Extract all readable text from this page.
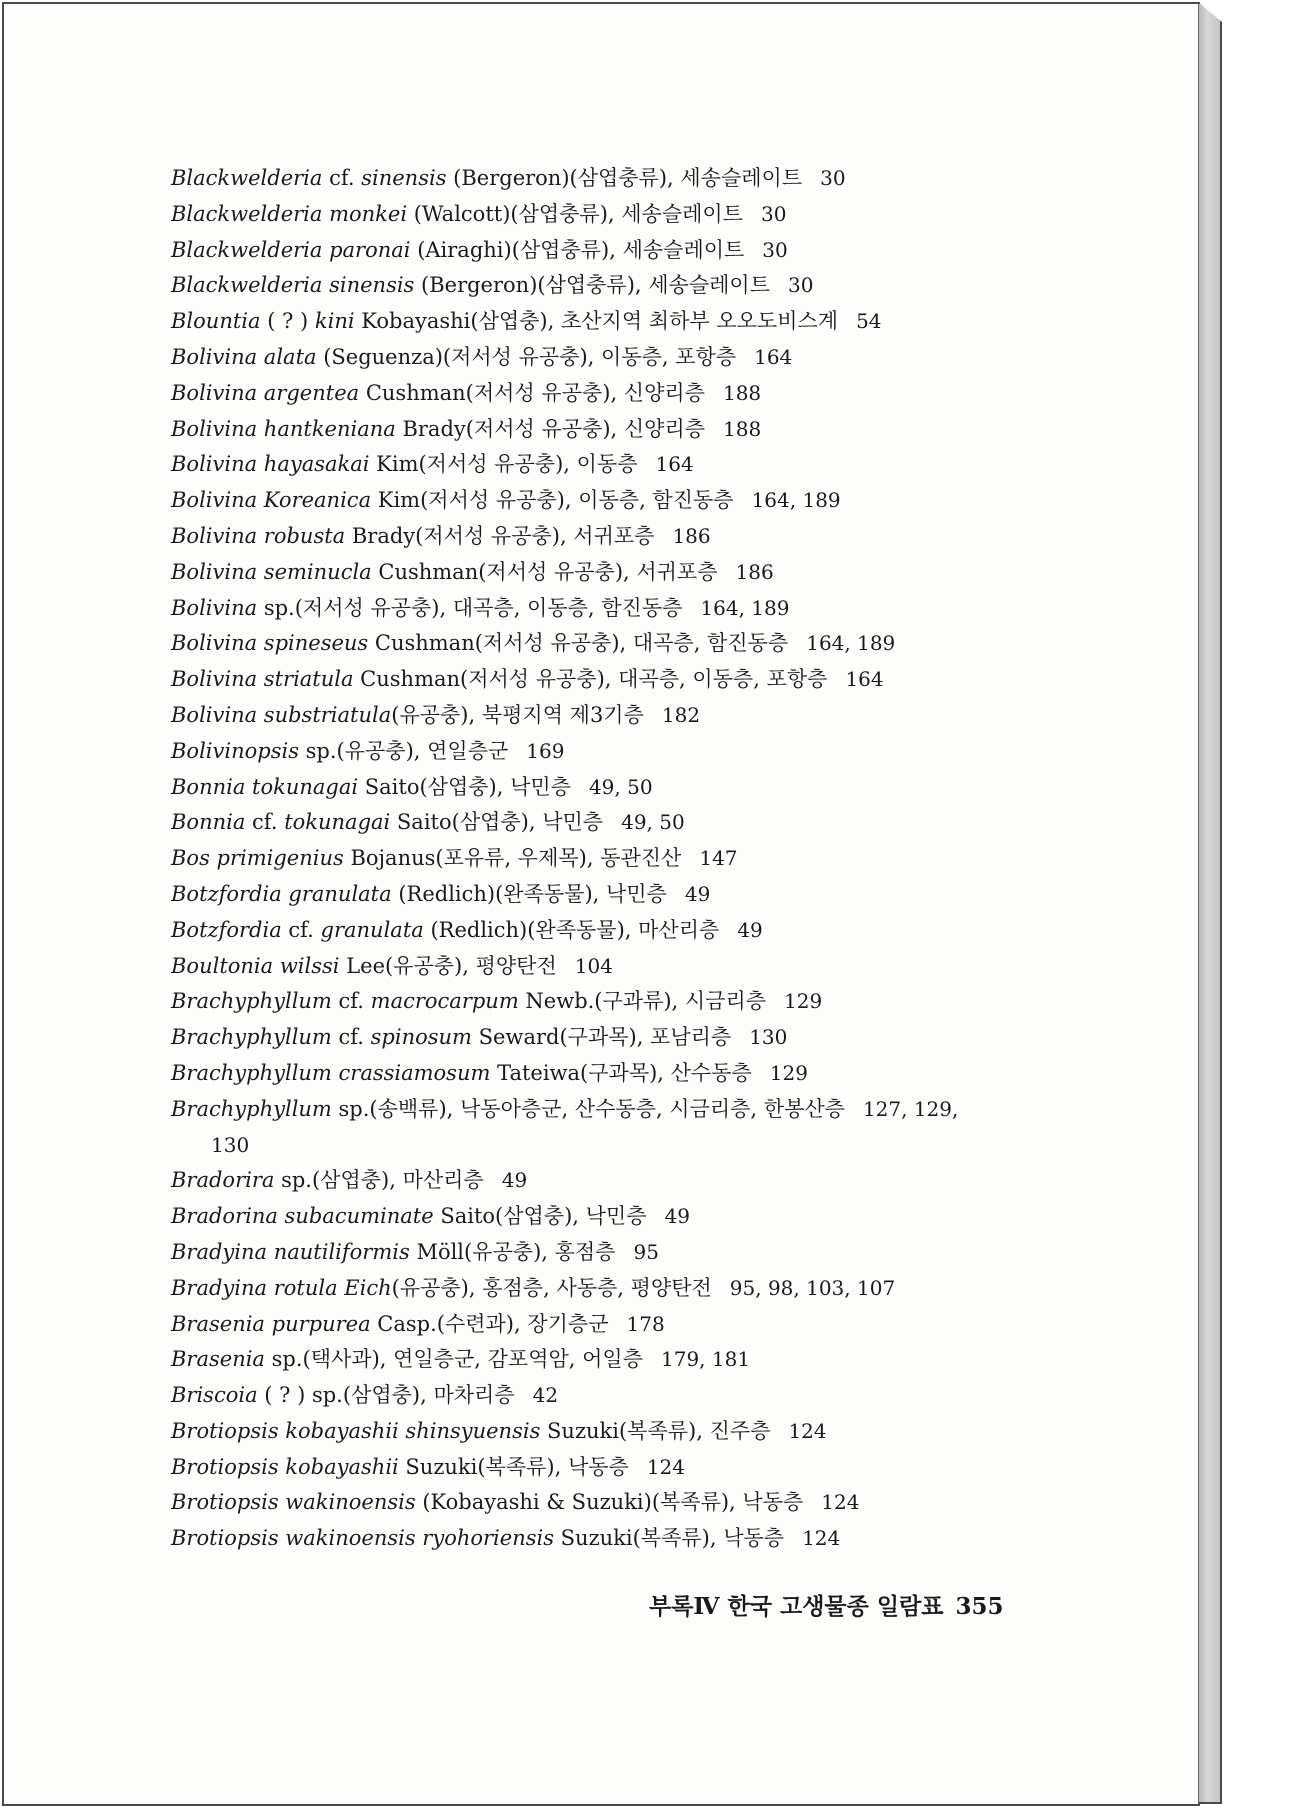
Blackwelderia cf. sinensis (Bergeron)(삼엽충류), 세송슬레이트 30
Blackwelderia monkei (Walcott)(삼엽충류), 세송슬레이트 30
Blackwelderia paronai (Airaghi)(삼엽충류), 세송슬레이트 30
Blackwelderia sinensis (Bergeron)(삼엽충류), 세송슬레이트 30
Blountia ( ? ) kini Kobayashi(삼엽충), 초산지역 최하부 오오도비스계 54
Bolivina alata (Seguenza)(저서성 유공충), 이동층, 포항층 164
Bolivina argentea Cushman(저서성 유공충), 신양리층 188
Bolivina hantkeniana Brady(저서성 유공충), 신양리층 188
Bolivina hayasakai Kim(저서성 유공충), 이동층 164
Bolivina Koreanica Kim(저서성 유공충), 이동층, 함진동층 164, 189
Bolivina robusta Brady(저서성 유공충), 서귀포층 186
Bolivina seminucla Cushman(저서성 유공충), 서귀포층 186
Bolivina sp.(저서성 유공충), 대곡층, 이동층, 함진동층 164, 189
Bolivina spineseus Cushman(저서성 유공충), 대곡층, 함진동층 164, 189
Bolivina striatula Cushman(저서성 유공충), 대곡층, 이동층, 포항층 164
Bolivina substriatula(유공충), 북평지역 제3기층 182
Bolivinopsis sp.(유공충), 연일층군 169
Bonnia tokunagai Saito(삼엽충), 낙민층 49, 50
Bonnia cf. tokunagai Saito(삼엽충), 낙민층 49, 50
Bos primigenius Bojanus(포유류, 우제목), 동관진산 147
Botzfordia granulata (Redlich)(완족동물), 낙민층 49
Botzfordia cf. granulata (Redlich)(완족동물), 마산리층 49
Boultonia wilssi Lee(유공충), 평양탄전 104
Brachyphyllum cf. macrocarpum Newb.(구과류), 시금리층 129
Brachyphyllum cf. spinosum Seward(구과목), 포남리층 130
Brachyphyllum crassiamosum Tateiwa(구과목), 산수동층 129
Brachyphyllum sp.(송백류), 낙동아층군, 산수동층, 시금리층, 한봉산층 127, 129,
130
Bradorira sp.(삼엽충), 마산리층 49
Bradorina subacuminate Saito(삼엽충), 낙민층 49
Bradyina nautiliformis Möll(유공충), 홍점층 95
Bradyina rotula Eich(유공충), 홍점층, 사동층, 평양탄전 95, 98, 103, 107
Brasenia purpurea Casp.(수련과), 장기층군 178
Brasenia sp.(택사과), 연일층군, 감포역암, 어일층 179, 181
Briscoia ( ? ) sp.(삼엽충), 마차리층 42
Brotiopsis kobayashii shinsyuensis Suzuki(복족류), 진주층 124
Brotiopsis kobayashii Suzuki(복족류), 낙동층 124
Brotiopsis wakinoensis (Kobayashi & Suzuki)(복족류), 낙동층 124
Brotiopsis wakinoensis ryohoriensis Suzuki(복족류), 낙동층 124
부록Ⅳ 한국 고생물종 일람표 355
